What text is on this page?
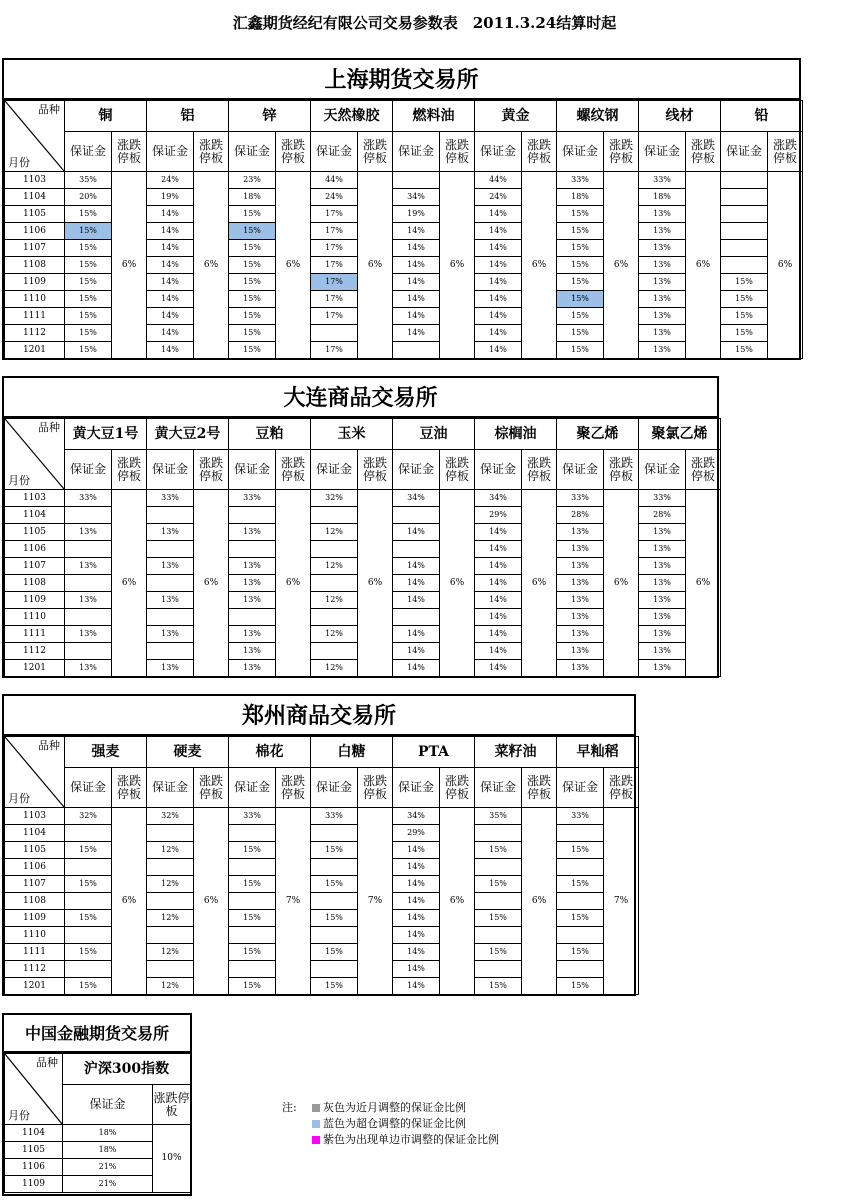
汇鑫期货经纪有限公司交易参数表　2011.3.24结算时起
上海期货交易所
品种
月份	铜		铝		锌		天然橡胶		燃料油		黄金		螺纹钢		线材		铅	
	保证金	涨跌停板	保证金	涨跌停板	保证金	涨跌停板	保证金	涨跌停板	保证金	涨跌停板	保证金	涨跌停板	保证金	涨跌停板	保证金	涨跌停板	保证金	涨跌停板
1103	35%	6%	24%	6%	23%	6%	44%	6%		6%	44%	6%	33%	6%	33%	6%		6%
1104	20%		19%		18%		24%		34%		24%		18%		18%			
1105	15%		14%		15%		17%		19%		14%		15%		13%			
1106	15%		14%		15%		17%		14%		14%		15%		13%			
1107	15%		14%		15%		17%		14%		14%		15%		13%			
1108	15%		14%		15%		17%		14%		14%		15%		13%			
1109	15%		14%		15%		17%		14%		14%		15%		13%		15%	
1110	15%		14%		15%		17%		14%		14%		15%		13%		15%	
1111	15%		14%		15%		17%		14%		14%		15%		13%		15%	
1112	15%		14%		15%				14%		14%		15%		13%		15%	
1201	15%		14%		15%		17%				14%		15%		13%		15%	
大连商品交易所
品种
月份	黄大豆1号		黄大豆2号		豆粕		玉米		豆油		棕榈油		聚乙烯		聚氯乙烯	
	保证金	涨跌停板	保证金	涨跌停板	保证金	涨跌停板	保证金	涨跌停板	保证金	涨跌停板	保证金	涨跌停板	保证金	涨跌停板	保证金	涨跌停板
1103	33%	6%	33%	6%	33%	6%	32%	6%	34%	6%	34%	6%	33%	6%	33%	6%
1104											29%		28%		28%	
1105	13%		13%		13%		12%		14%		14%		13%		13%	
1106											14%		13%		13%	
1107	13%		13%		13%		12%		14%		14%		13%		13%	
1108					13%				14%		14%		13%		13%	
1109	13%		13%		13%		12%		14%		14%		13%		13%	
1110											14%		13%		13%	
1111	13%		13%		13%		12%		14%		14%		13%		13%	
1112					13%				14%		14%		13%		13%	
1201	13%		13%		13%		12%		14%		14%		13%		13%	
郑州商品交易所
品种
月份	强麦		硬麦		棉花		白糖		PTA		菜籽油		早籼稻	
	保证金	涨跌停板	保证金	涨跌停板	保证金	涨跌停板	保证金	涨跌停板	保证金	涨跌停板	保证金	涨跌停板	保证金	涨跌停板
1103	32%	6%	32%	6%	33%	7%	33%	7%	34%	6%	35%	6%	33%	7%
1104									29%					
1105	15%		12%		15%		15%		14%		15%		15%	
1106									14%					
1107	15%		12%		15%		15%		14%		15%		15%	
1108									14%					
1109	15%		12%		15%		15%		14%		15%		15%	
1110									14%					
1111	15%		12%		15%		15%		14%		15%		15%	
1112									14%					
1201	15%		12%		15%		15%		14%		15%		15%	
中国金融期货交易所
品种
月份	沪深300指数	
	保证金	涨跌停板
1104	18%	10%
1105	18%	
1106	21%	
1109	21%	
注: 灰色为近月调整的保证金比例
蓝色为超仓调整的保证金比例
紫色为出现单边市调整的保证金比例
